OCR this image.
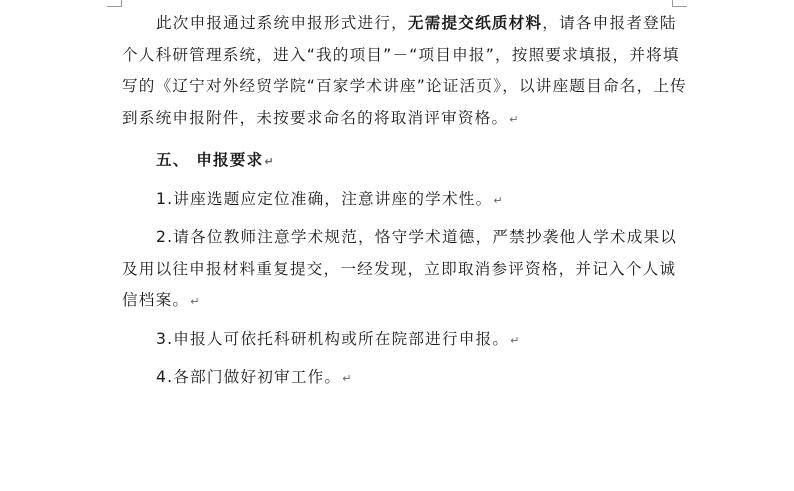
此次申报通过系统申报形式进行，无需提交纸质材料，请各申报者登陆个人科研管理系统，进入“我的项目”－“项目申报”，按照要求填报，并将填写的《辽宁对外经贸学院“百家学术讲座”论证活页》，以讲座题目命名，上传到系统申报附件，未按要求命名的将取消评审资格。↵

五、 申报要求↵

1.讲座选题应定位准确，注意讲座的学术性。↵

2.请各位教师注意学术规范，恪守学术道德，严禁抄袭他人学术成果以及用以往申报材料重复提交，一经发现，立即取消参评资格，并记入个人诚信档案。↵

3.申报人可依托科研机构或所在院部进行申报。↵

4.各部门做好初审工作。↵
